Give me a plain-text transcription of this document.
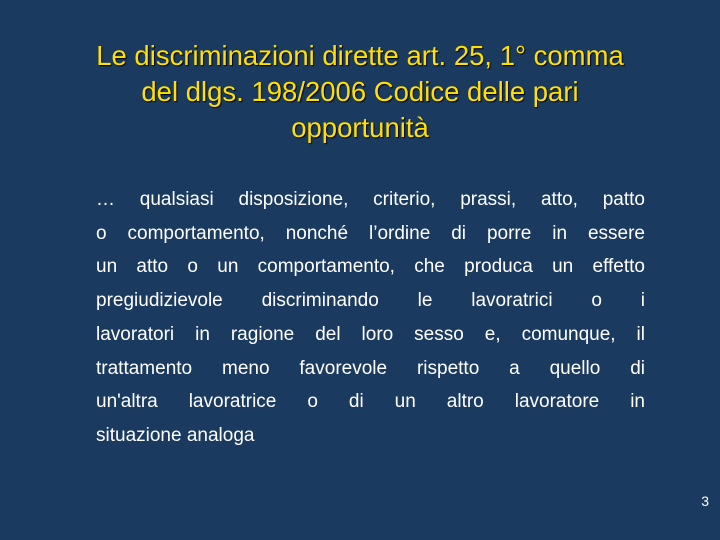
Le discriminazioni dirette art. 25, 1° comma
del dlgs. 198/2006 Codice delle pari
opportunità

… qualsiasi disposizione, criterio, prassi, atto, patto
o comportamento, nonché l’ordine di porre in essere
un atto o un comportamento, che produca un effetto
pregiudizievole discriminando le lavoratrici o i
lavoratori in ragione del loro sesso e, comunque, il
trattamento meno favorevole rispetto a quello di
un'altra lavoratrice o di un altro lavoratore in
situazione analoga

3
